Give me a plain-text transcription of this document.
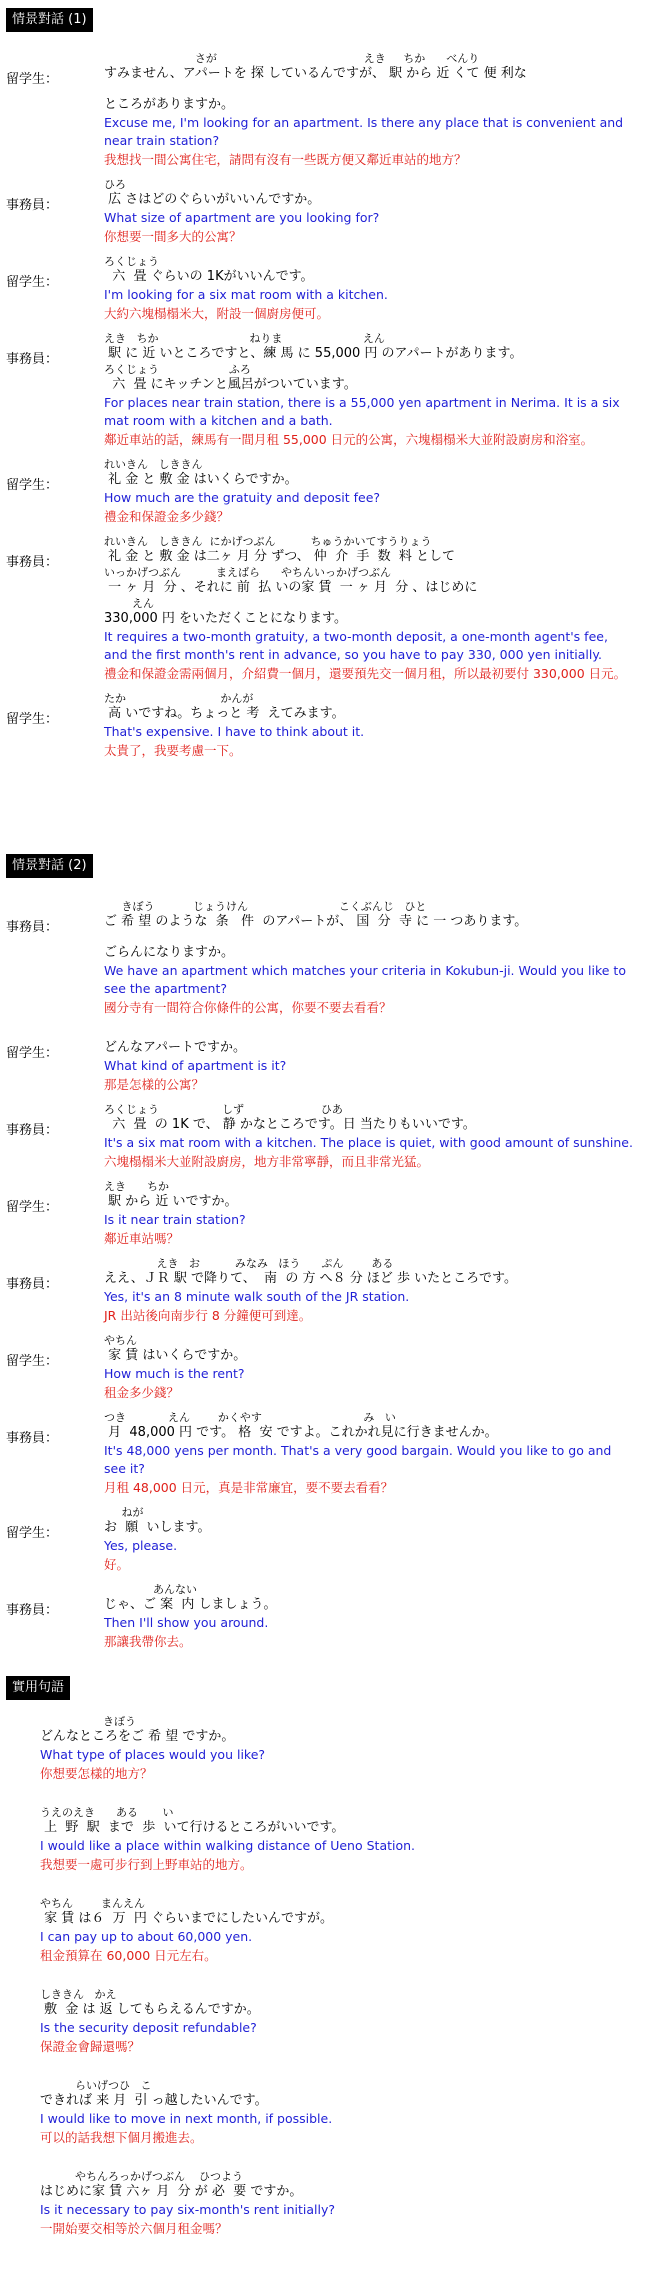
情景對話 (1)
留学生：
さが                                          えき     ちか      べんり
すみません、アパートを 探 しているんですが、 駅 から 近 くて 便 利な
ところがありますか。
Excuse me, I'm looking for an apartment. Is there any place that is convenient and near train station?
我想找一間公寓住宅，請問有沒有一些既方便又鄰近車站的地方？
事務員：
ひろ
広 さはどのぐらいがいいんですか。
What size of apartment are you looking for?
你想要一間多大的公寓？
留学生：
ろくじょう
六  畳 ぐらいの 1Kがいいんです。
I'm looking for a six mat room with a kitchen.
大約六塊榻榻米大，附設一個廚房便可。
事務員：
えき   ちか                          ねりま                       えん
駅 に 近 いところですと、練 馬 に 55,000 円 のアパートがあります。
ろくじょう                    ふろ
六  畳 にキッチンと風呂がついています。
For places near train station, there is a 55,000 yen apartment in Nerima. It is a six mat room with a kitchen and a bath.
鄰近車站的話，練馬有一間月租 55,000 日元的公寓，六塊榻榻米大並附設廚房和浴室。
留学生：
れいきん   しききん
礼 金 と 敷 金 はいくらですか。
How much are the gratuity and deposit fee?
禮金和保證金多少錢？
事務員：
れいきん   しききん  にかげつぶん          ちゅうかいてすうりょう
礼 金 と 敷 金 は二ヶ 月 分 ずつ、 仲  介  手  数  料 として
いっかげつぶん          まえばら      やちんいっかげつぶん
一 ヶ 月  分 、それに 前  払 いの家 賃  一 ヶ 月  分 、はじめに
えん
330,000 円 をいただくことになります。
It requires a two-month gratuity, a two-month deposit, a one-month agent's fee, and the first month's rent in advance, so you have to pay 330, 000 yen initially.
禮金和保證金需兩個月，介紹費一個月，還要預先交一個月租，所以最初要付 330,000 日元。
留学生：
たか                           かんが
高 いですね。ちょっと 考  えてみます。
That's expensive. I have to think about it.
太貴了，我要考慮一下。
情景對話 (2)
事務員：
きぼう           じょうけん                          こくぶんじ   ひと
ご 希 望 のような  条   件  のアパートが、 国  分  寺 に 一 つあります。
ごらんになりますか。
We have an apartment which matches your criteria in Kokubun-ji. Would you like to see the apartment?
國分寺有一間符合你條件的公寓，你要不要去看看？
留学生：	どんなアパートですか。
What kind of apartment is it?
那是怎樣的公寓？
事務員：
ろくじょう                  しず                      ひあ
六  畳  の 1K で、 静 かなところです。日 当たりもいいです。
It's a six mat room with a kitchen. The place is quiet, with good amount of sunshine.
六塊榻榻米大並附設廚房，地方非常寧靜，而且非常光猛。
留学生：
えき      ちか
駅 から 近 いですか。
Is it near train station?
鄰近車站嗎？
事務員：
えき   お          みなみ   ほう      ぷん        ある
ええ、ＪＲ 駅 で降りて、  南  の 方 へ８ 分 ほど 歩 いたところです。
Yes, it's an 8 minute walk south of the JR station.
JR 出站後向南步行 8 分鐘便可到達。
留学生：
やちん
家 賃 はいくらですか。
How much is the rent?
租金多少錢？
事務員：
つき            えん        かくやす                             み   い
月  48,000 円 です。 格  安 ですよ。これかれ見に行きませんか。
It's 48,000 yens per month. That's a very good bargain. Would you like to go and see it?
月租 48,000 日元，真是非常廉宜，要不要去看看？
留学生：
ねが
お  願  いします。
Yes, please.
好。
事務員：
あんない
じゃ、ご 案  内 しましょう。
Then I'll show you around.
那讓我帶你去。
實用句語
きぼう
どんなところをご 希 望 ですか。
What type of places would you like?
你想要怎樣的地方？
うえのえき      ある       い
上  野  駅  まで  歩  いて行けるところがいいです。
I would like a place within walking distance of Ueno Station.
我想要一處可步行到上野車站的地方。
やちん        まんえん
家 賃 は６  万  円 ぐらいまでにしたいんですが。
I can pay up to about 60,000 yen.
租金預算在 60,000 日元左右。
しききん   かえ
敷  金 は 返 してもらえるんですか。
Is the security deposit refundable?
保證金會歸還嗎？
らいげつひ   こ
できれば 来 月  引 っ越したいんです。
I would like to move in next month, if possible.
可以的話我想下個月搬進去。
やちんろっかげつぶん    ひつよう
はじめに家 賃 六ヶ 月  分 が 必  要 ですか。
Is it necessary to pay six-month's rent initially?
一開始要交相等於六個月租金嗎？
